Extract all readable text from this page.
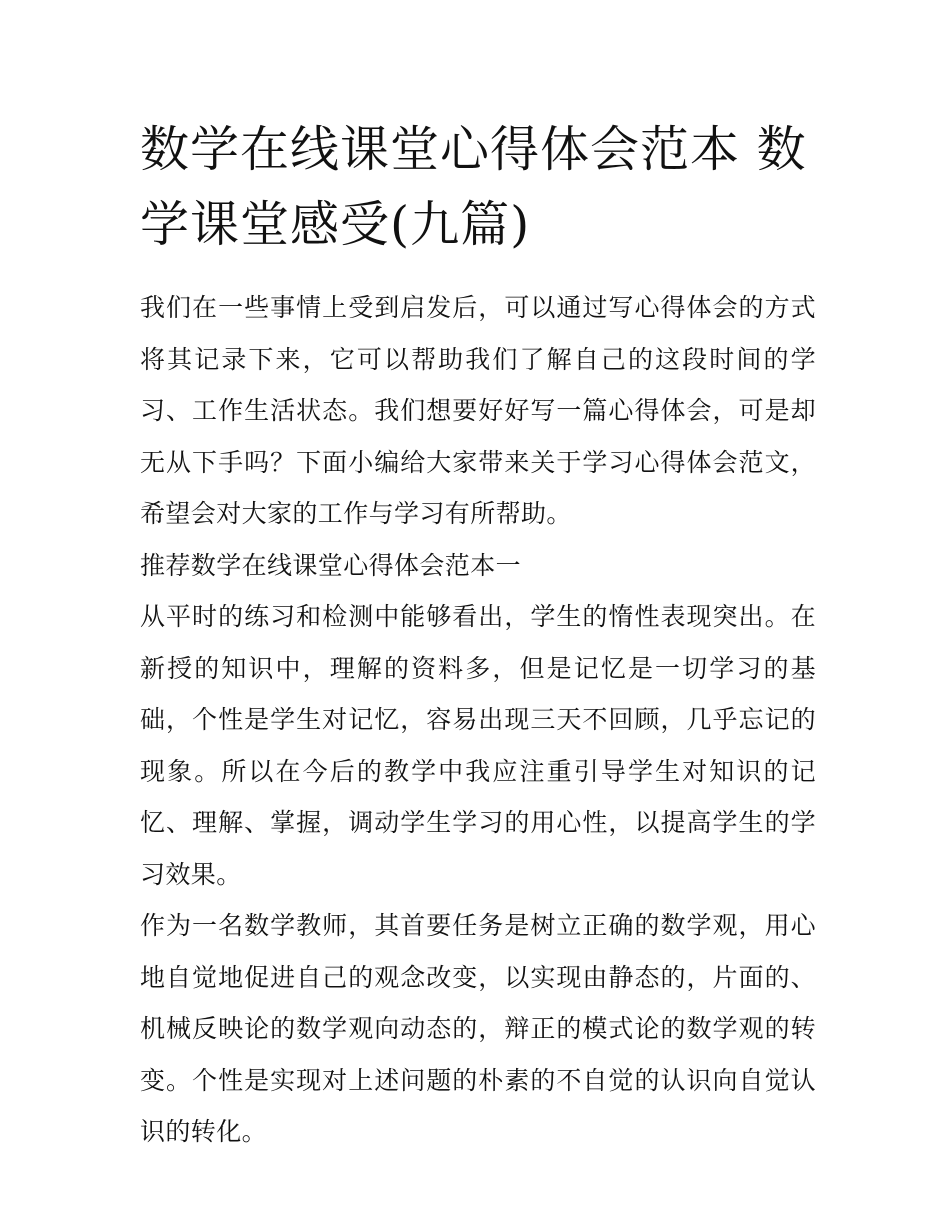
数学在线课堂心得体会范本 数学课堂感受(九篇)

我们在一些事情上受到启发后，可以通过写心得体会的方式将其记录下来，它可以帮助我们了解自己的这段时间的学习、工作生活状态。我们想要好好写一篇心得体会，可是却无从下手吗？下面小编给大家带来关于学习心得体会范文，希望会对大家的工作与学习有所帮助。

推荐数学在线课堂心得体会范本一

从平时的练习和检测中能够看出，学生的惰性表现突出。在新授的知识中，理解的资料多，但是记忆是一切学习的基础，个性是学生对记忆，容易出现三天不回顾，几乎忘记的现象。所以在今后的教学中我应注重引导学生对知识的记忆、理解、掌握，调动学生学习的用心性，以提高学生的学习效果。

作为一名数学教师，其首要任务是树立正确的数学观，用心地自觉地促进自己的观念改变，以实现由静态的，片面的、机械反映论的数学观向动态的，辩正的模式论的数学观的转变。个性是实现对上述问题的朴素的不自觉的认识向自觉认识的转化。
